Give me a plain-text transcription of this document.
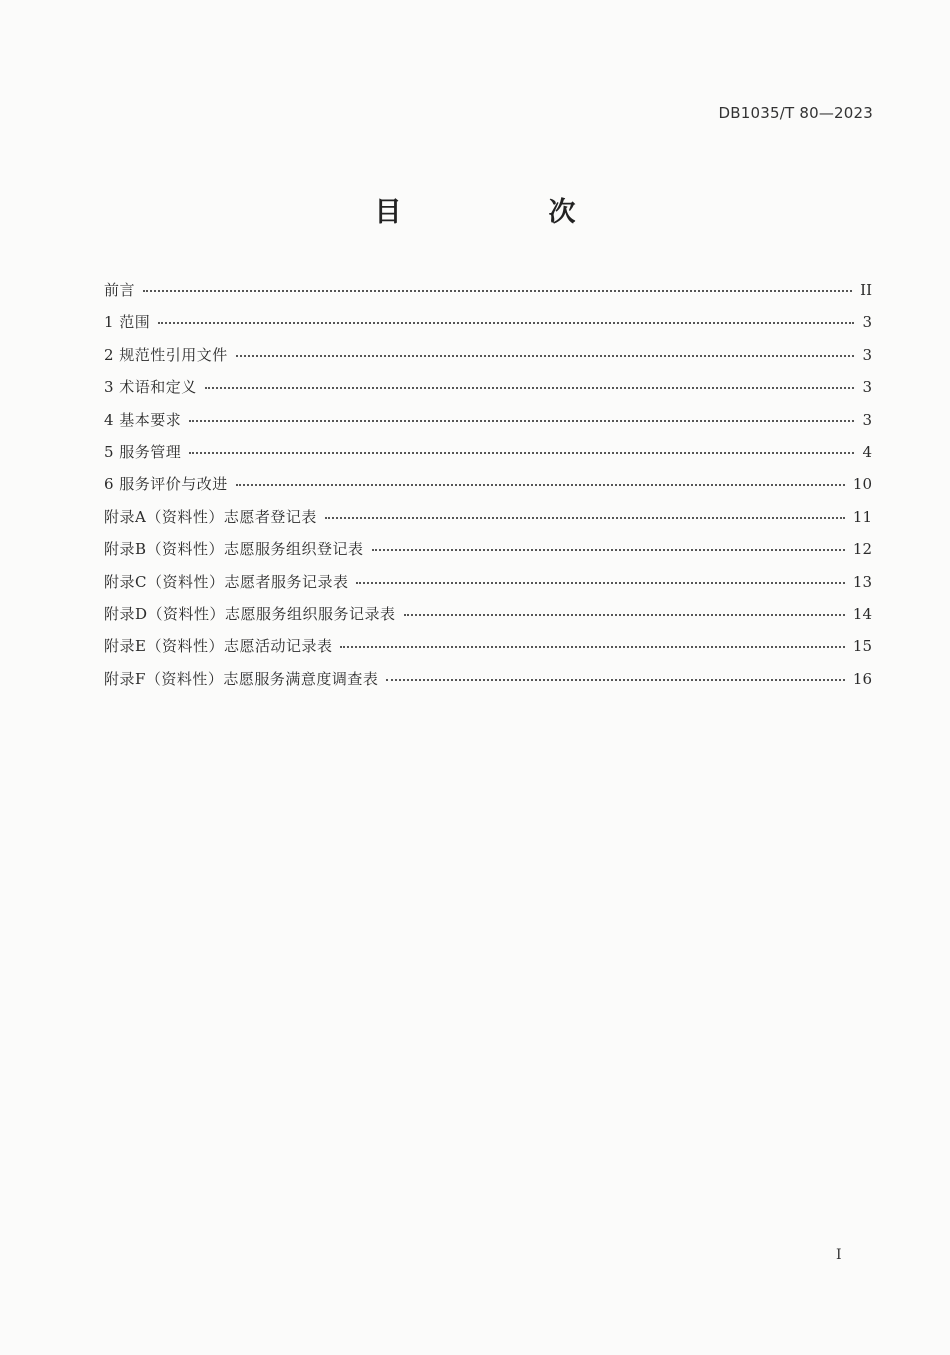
DB1035/T 80—2023
目　次
前言	II
1 范围	3
2 规范性引用文件	3
3 术语和定义	3
4 基本要求	3
5 服务管理	4
6 服务评价与改进	10
附录A（资料性）志愿者登记表	11
附录B（资料性）志愿服务组织登记表	12
附录C（资料性）志愿者服务记录表	13
附录D（资料性）志愿服务组织服务记录表	14
附录E（资料性）志愿活动记录表	15
附录F（资料性）志愿服务满意度调查表	16
I
